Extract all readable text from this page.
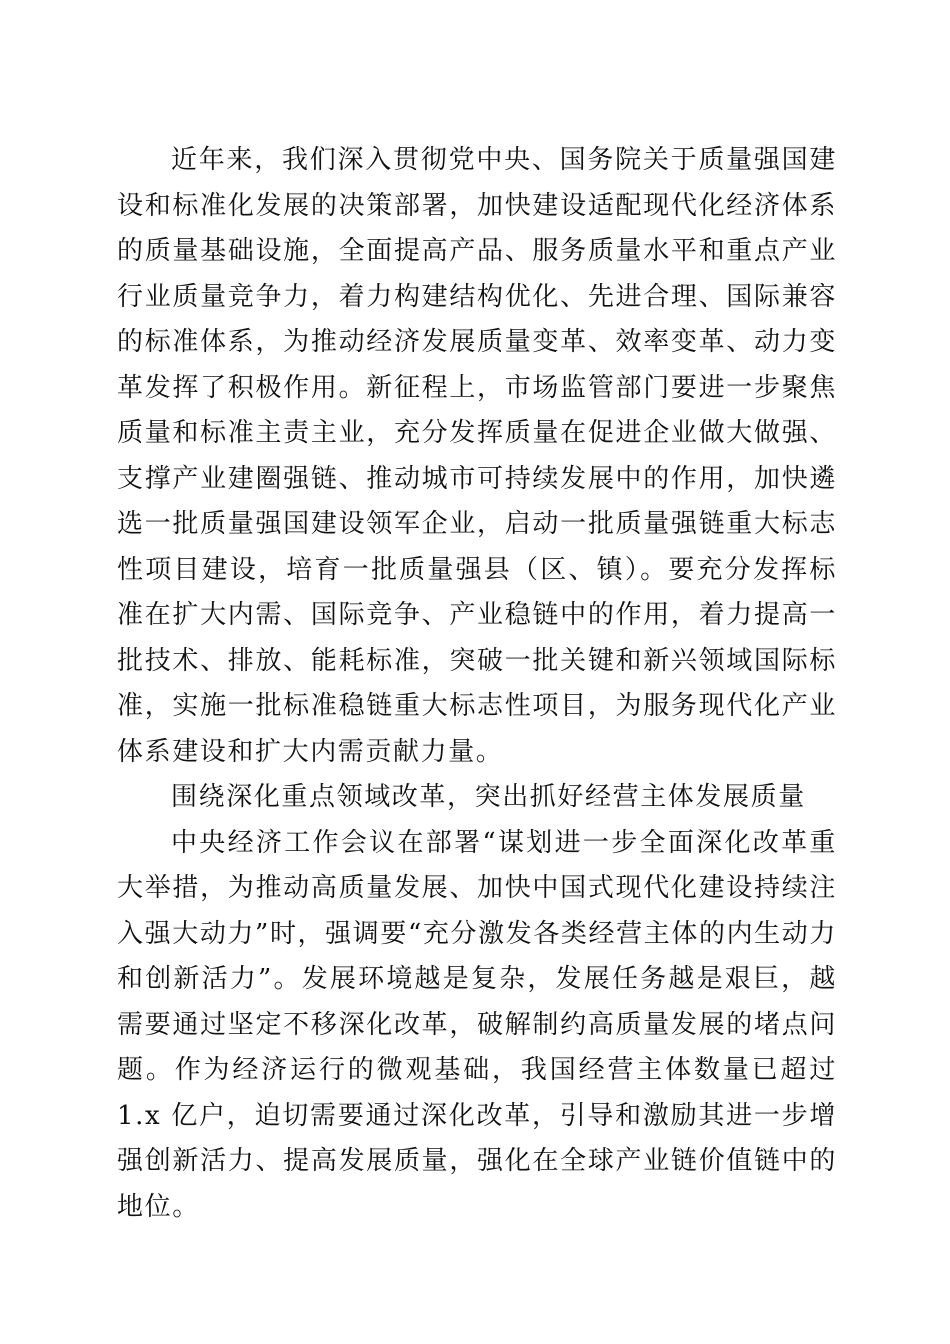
近年来，我们深入贯彻党中央、国务院关于质量强国建设和标准化发展的决策部署，加快建设适配现代化经济体系的质量基础设施，全面提高产品、服务质量水平和重点产业行业质量竞争力，着力构建结构优化、先进合理、国际兼容的标准体系，为推动经济发展质量变革、效率变革、动力变革发挥了积极作用。新征程上，市场监管部门要进一步聚焦质量和标准主责主业，充分发挥质量在促进企业做大做强、支撑产业建圈强链、推动城市可持续发展中的作用，加快遴选一批质量强国建设领军企业，启动一批质量强链重大标志性项目建设，培育一批质量强县（区、镇）。要充分发挥标准在扩大内需、国际竞争、产业稳链中的作用，着力提高一批技术、排放、能耗标准，突破一批关键和新兴领域国际标准，实施一批标准稳链重大标志性项目，为服务现代化产业体系建设和扩大内需贡献力量。

围绕深化重点领域改革，突出抓好经营主体发展质量

中央经济工作会议在部署“谋划进一步全面深化改革重大举措，为推动高质量发展、加快中国式现代化建设持续注入强大动力”时，强调要“充分激发各类经营主体的内生动力和创新活力”。发展环境越是复杂，发展任务越是艰巨，越需要通过坚定不移深化改革，破解制约高质量发展的堵点问题。作为经济运行的微观基础，我国经营主体数量已超过 1.x 亿户，迫切需要通过深化改革，引导和激励其进一步增强创新活力、提高发展质量，强化在全球产业链价值链中的地位。
